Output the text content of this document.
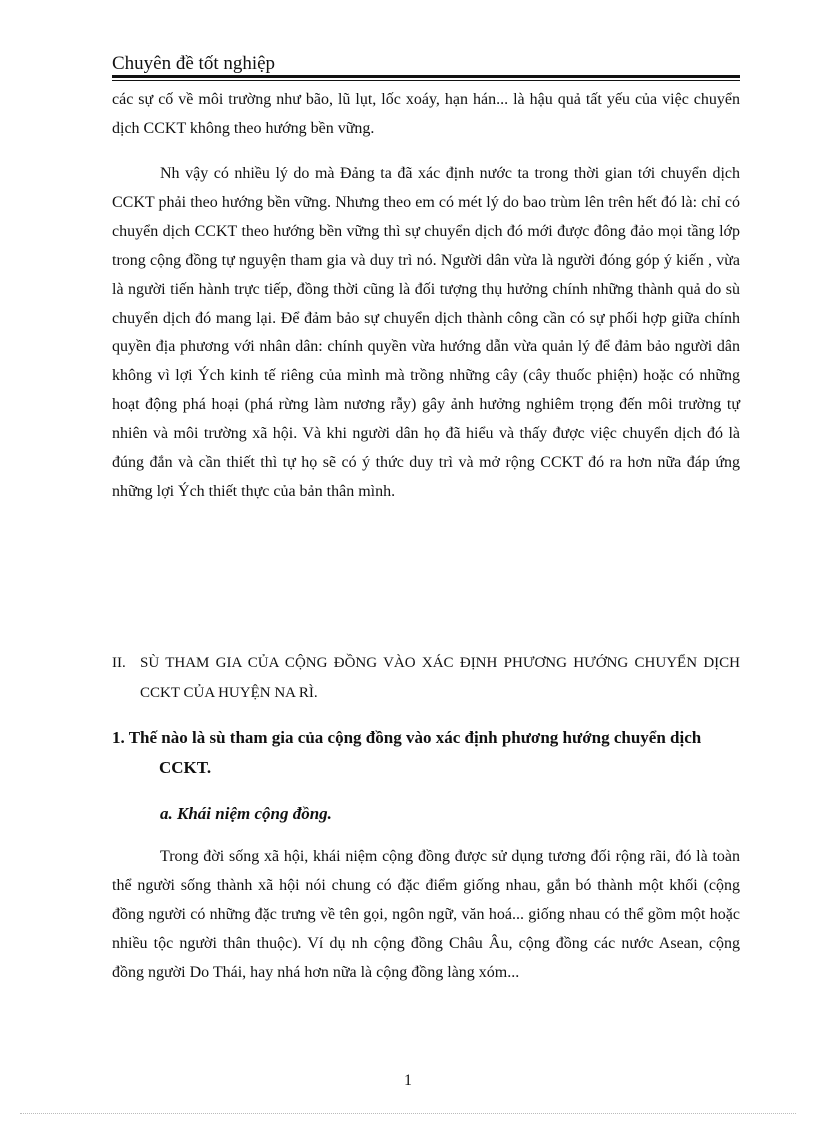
Chuyên đề tốt nghiệp

các sự cố về môi trường như bão, lũ lụt, lốc xoáy, hạn hán... là hậu quả tất yếu của việc chuyển dịch CCKT không theo hướng bền vững.

Nh vậy có nhiều lý do mà Đảng ta đã xác định nước ta trong thời gian tới chuyển dịch CCKT phải theo hướng bền vững. Nhưng theo em có mét lý do bao trùm lên trên hết đó là: chỉ có chuyển dịch CCKT theo hướng bền vững thì sự chuyển dịch đó mới được đông đảo mọi tầng lớp trong cộng đồng tự nguyện tham gia và duy trì nó. Người dân vừa là người đóng góp ý kiến , vừa là người tiến hành trực tiếp, đồng thời cũng là đối tượng thụ hưởng chính những thành quả do sù chuyển dịch đó mang lại. Để đảm bảo sự chuyển dịch thành công cần có sự phối hợp giữa chính quyền địa phương với nhân dân: chính quyền vừa hướng dẫn vừa quản lý để đảm bảo người dân không vì lợi Ých kinh tế riêng của mình mà trồng những cây (cây thuốc phiện) hoặc có những hoạt động phá hoại (phá rừng làm nương rẫy) gây ảnh hưởng nghiêm trọng đến môi trường tự nhiên và môi trường xã hội. Và khi người dân họ đã hiểu và thấy được việc chuyển dịch đó là đúng đắn và cần thiết thì tự họ sẽ có ý thức duy trì và mở rộng CCKT đó ra hơn nữa đáp ứng những lợi Ých thiết thực của bản thân mình.

II. SÙ THAM GIA CỦA CỘNG ĐỒNG VÀO XÁC ĐỊNH PHƯƠNG HƯỚNG CHUYỂN DỊCH CCKT CỦA HUYỆN NA RÌ.
1. Thế nào là sù tham gia của cộng đồng vào xác định phương hướng chuyển dịch CCKT.
a. Khái niệm cộng đồng.

Trong đời sống xã hội, khái niệm cộng đồng được sử dụng tương đối rộng rãi, đó là toàn thể người sống thành xã hội nói chung có đặc điểm giống nhau, gắn bó thành một khối (cộng đồng người có những đặc trưng về tên gọi, ngôn ngữ, văn hoá... giống nhau có thể gồm một hoặc nhiều tộc người thân thuộc). Ví dụ nh cộng đồng Châu Âu, cộng đồng các nước Asean, cộng đồng người Do Thái, hay nhá hơn nữa là cộng đồng làng xóm...

1
